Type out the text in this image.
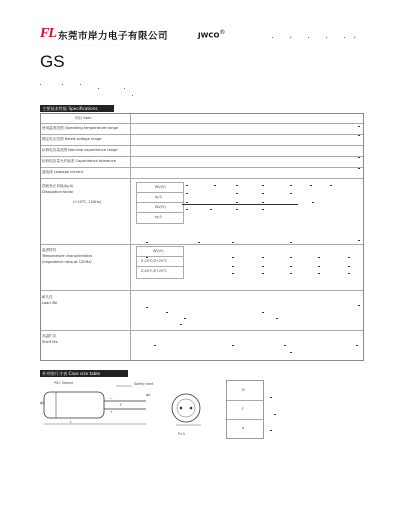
FL 东莞市岸力电子有限公司	JWCO®
. . . . . . . . . . . . . .
GS
主要技术性能 Specifications
项目 Item
使用温度范围 Operating temperature range
额定电压范围 Rated voltage range
标称电容量范围 Nominal capacitance range
标称电容量允许偏差 Capacitance tolerance
漏电流 Leakage current
损耗角正切值(tg δ)
Dissipation factor
(+20℃, 120Hz)
WV(V)
tg δ
WV(V)
tg δ
温度特性
Temperature characteristics
(Impedance ratio at 120Hz)
WV(V)
Z-25℃/Z+20℃
Z-40℃/Z+20℃
耐久性
Load life
高温贮存
Shelf life
外形图尺寸表 Case size table
PVC Sleeve	Safety vent
φD
L
−
+
F
φd
P±1
D
F
d
